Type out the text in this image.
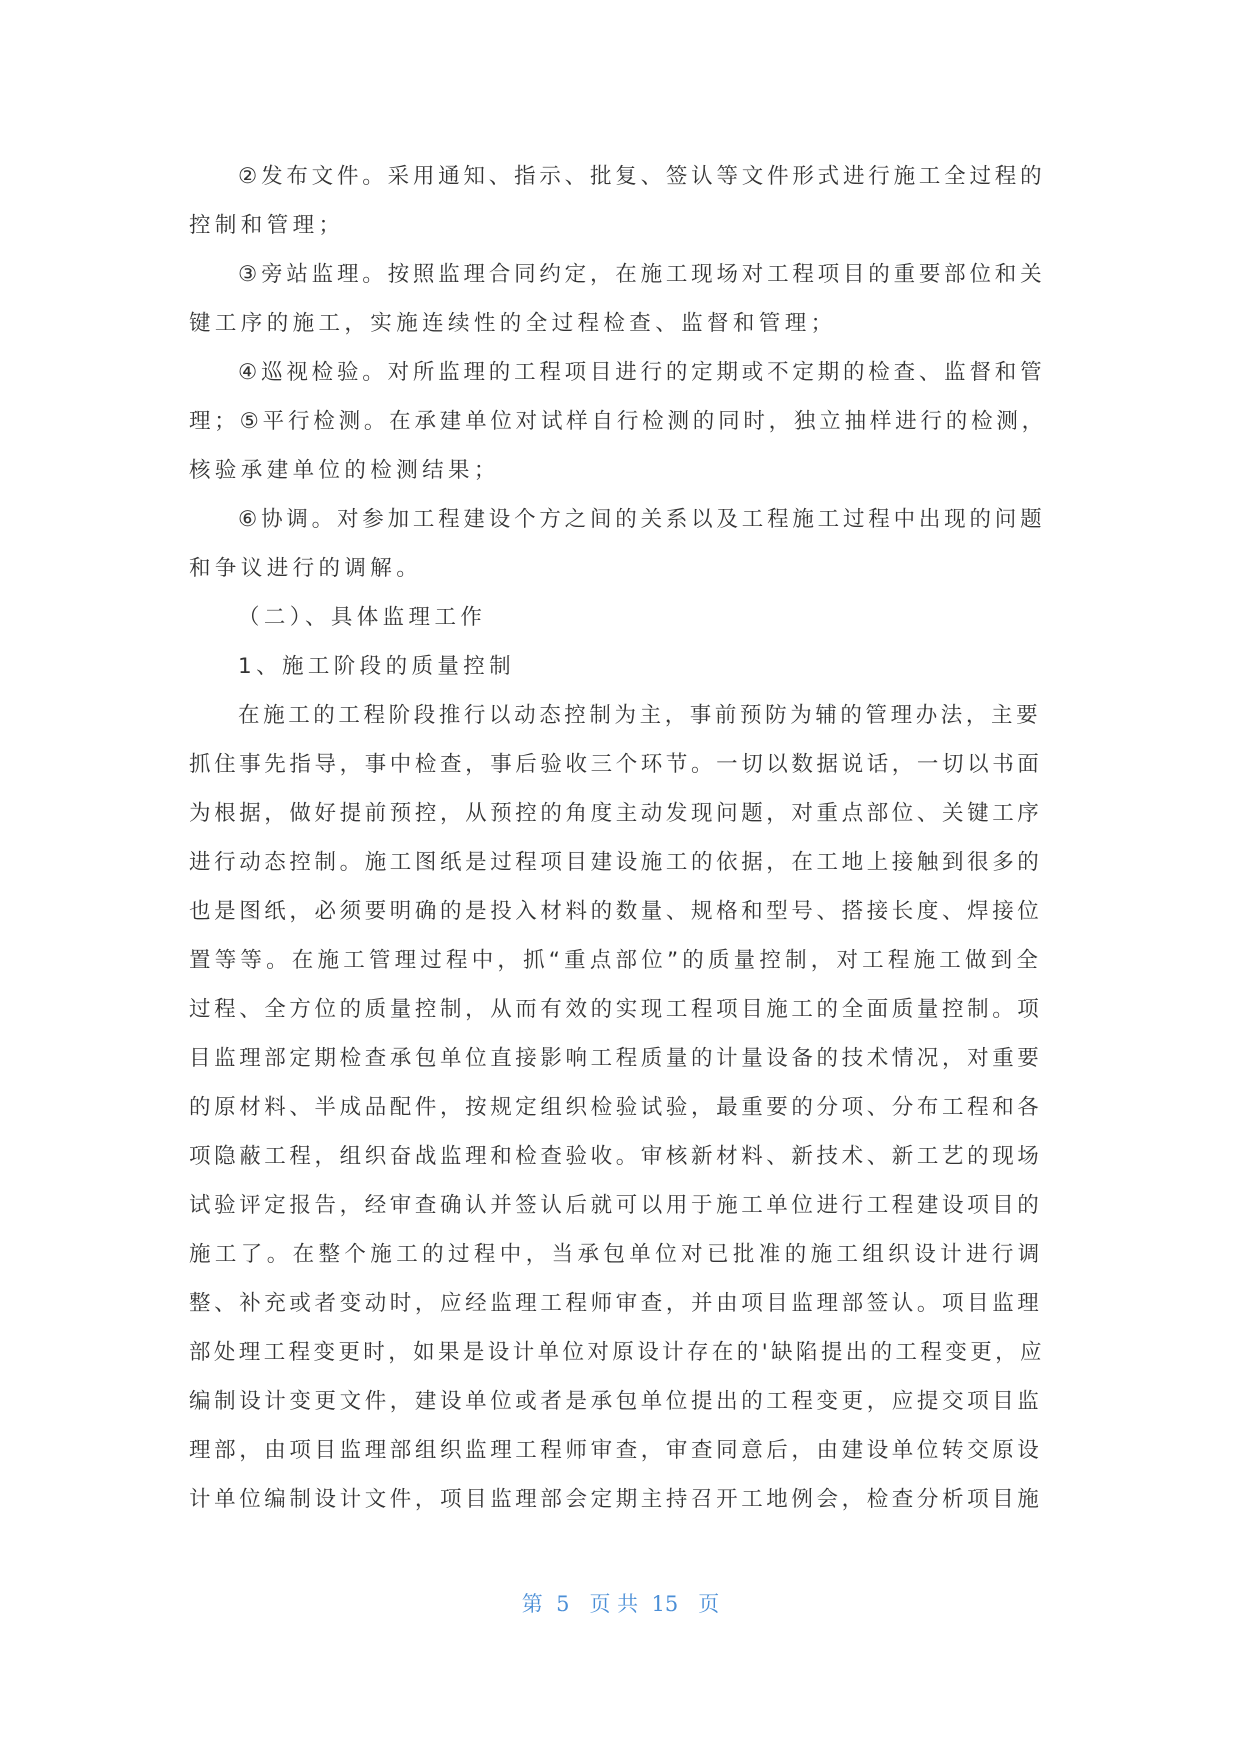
②发布文件。采用通知、指示、批复、签认等文件形式进行施工全过程的
控制和管理；
③旁站监理。按照监理合同约定，在施工现场对工程项目的重要部位和关
键工序的施工，实施连续性的全过程检查、监督和管理；
④巡视检验。对所监理的工程项目进行的定期或不定期的检查、监督和管
理；⑤平行检测。在承建单位对试样自行检测的同时，独立抽样进行的检测，
核验承建单位的检测结果；
⑥协调。对参加工程建设个方之间的关系以及工程施工过程中出现的问题
和争议进行的调解。
（二）、具体监理工作
1、施工阶段的质量控制
在施工的工程阶段推行以动态控制为主，事前预防为辅的管理办法，主要
抓住事先指导，事中检查，事后验收三个环节。一切以数据说话，一切以书面
为根据，做好提前预控，从预控的角度主动发现问题，对重点部位、关键工序
进行动态控制。施工图纸是过程项目建设施工的依据，在工地上接触到很多的
也是图纸，必须要明确的是投入材料的数量、规格和型号、搭接长度、焊接位
置等等。在施工管理过程中，抓“重点部位”的质量控制，对工程施工做到全
过程、全方位的质量控制，从而有效的实现工程项目施工的全面质量控制。项
目监理部定期检查承包单位直接影响工程质量的计量设备的技术情况，对重要
的原材料、半成品配件，按规定组织检验试验，最重要的分项、分布工程和各
项隐蔽工程，组织奋战监理和检查验收。审核新材料、新技术、新工艺的现场
试验评定报告，经审查确认并签认后就可以用于施工单位进行工程建设项目的
施工了。在整个施工的过程中，当承包单位对已批准的施工组织设计进行调
整、补充或者变动时，应经监理工程师审查，并由项目监理部签认。项目监理
部处理工程变更时，如果是设计单位对原设计存在的'缺陷提出的工程变更，应
编制设计变更文件，建设单位或者是承包单位提出的工程变更，应提交项目监
理部，由项目监理部组织监理工程师审查，审查同意后，由建设单位转交原设
计单位编制设计文件，项目监理部会定期主持召开工地例会，检查分析项目施
第  5   页 共  15   页
